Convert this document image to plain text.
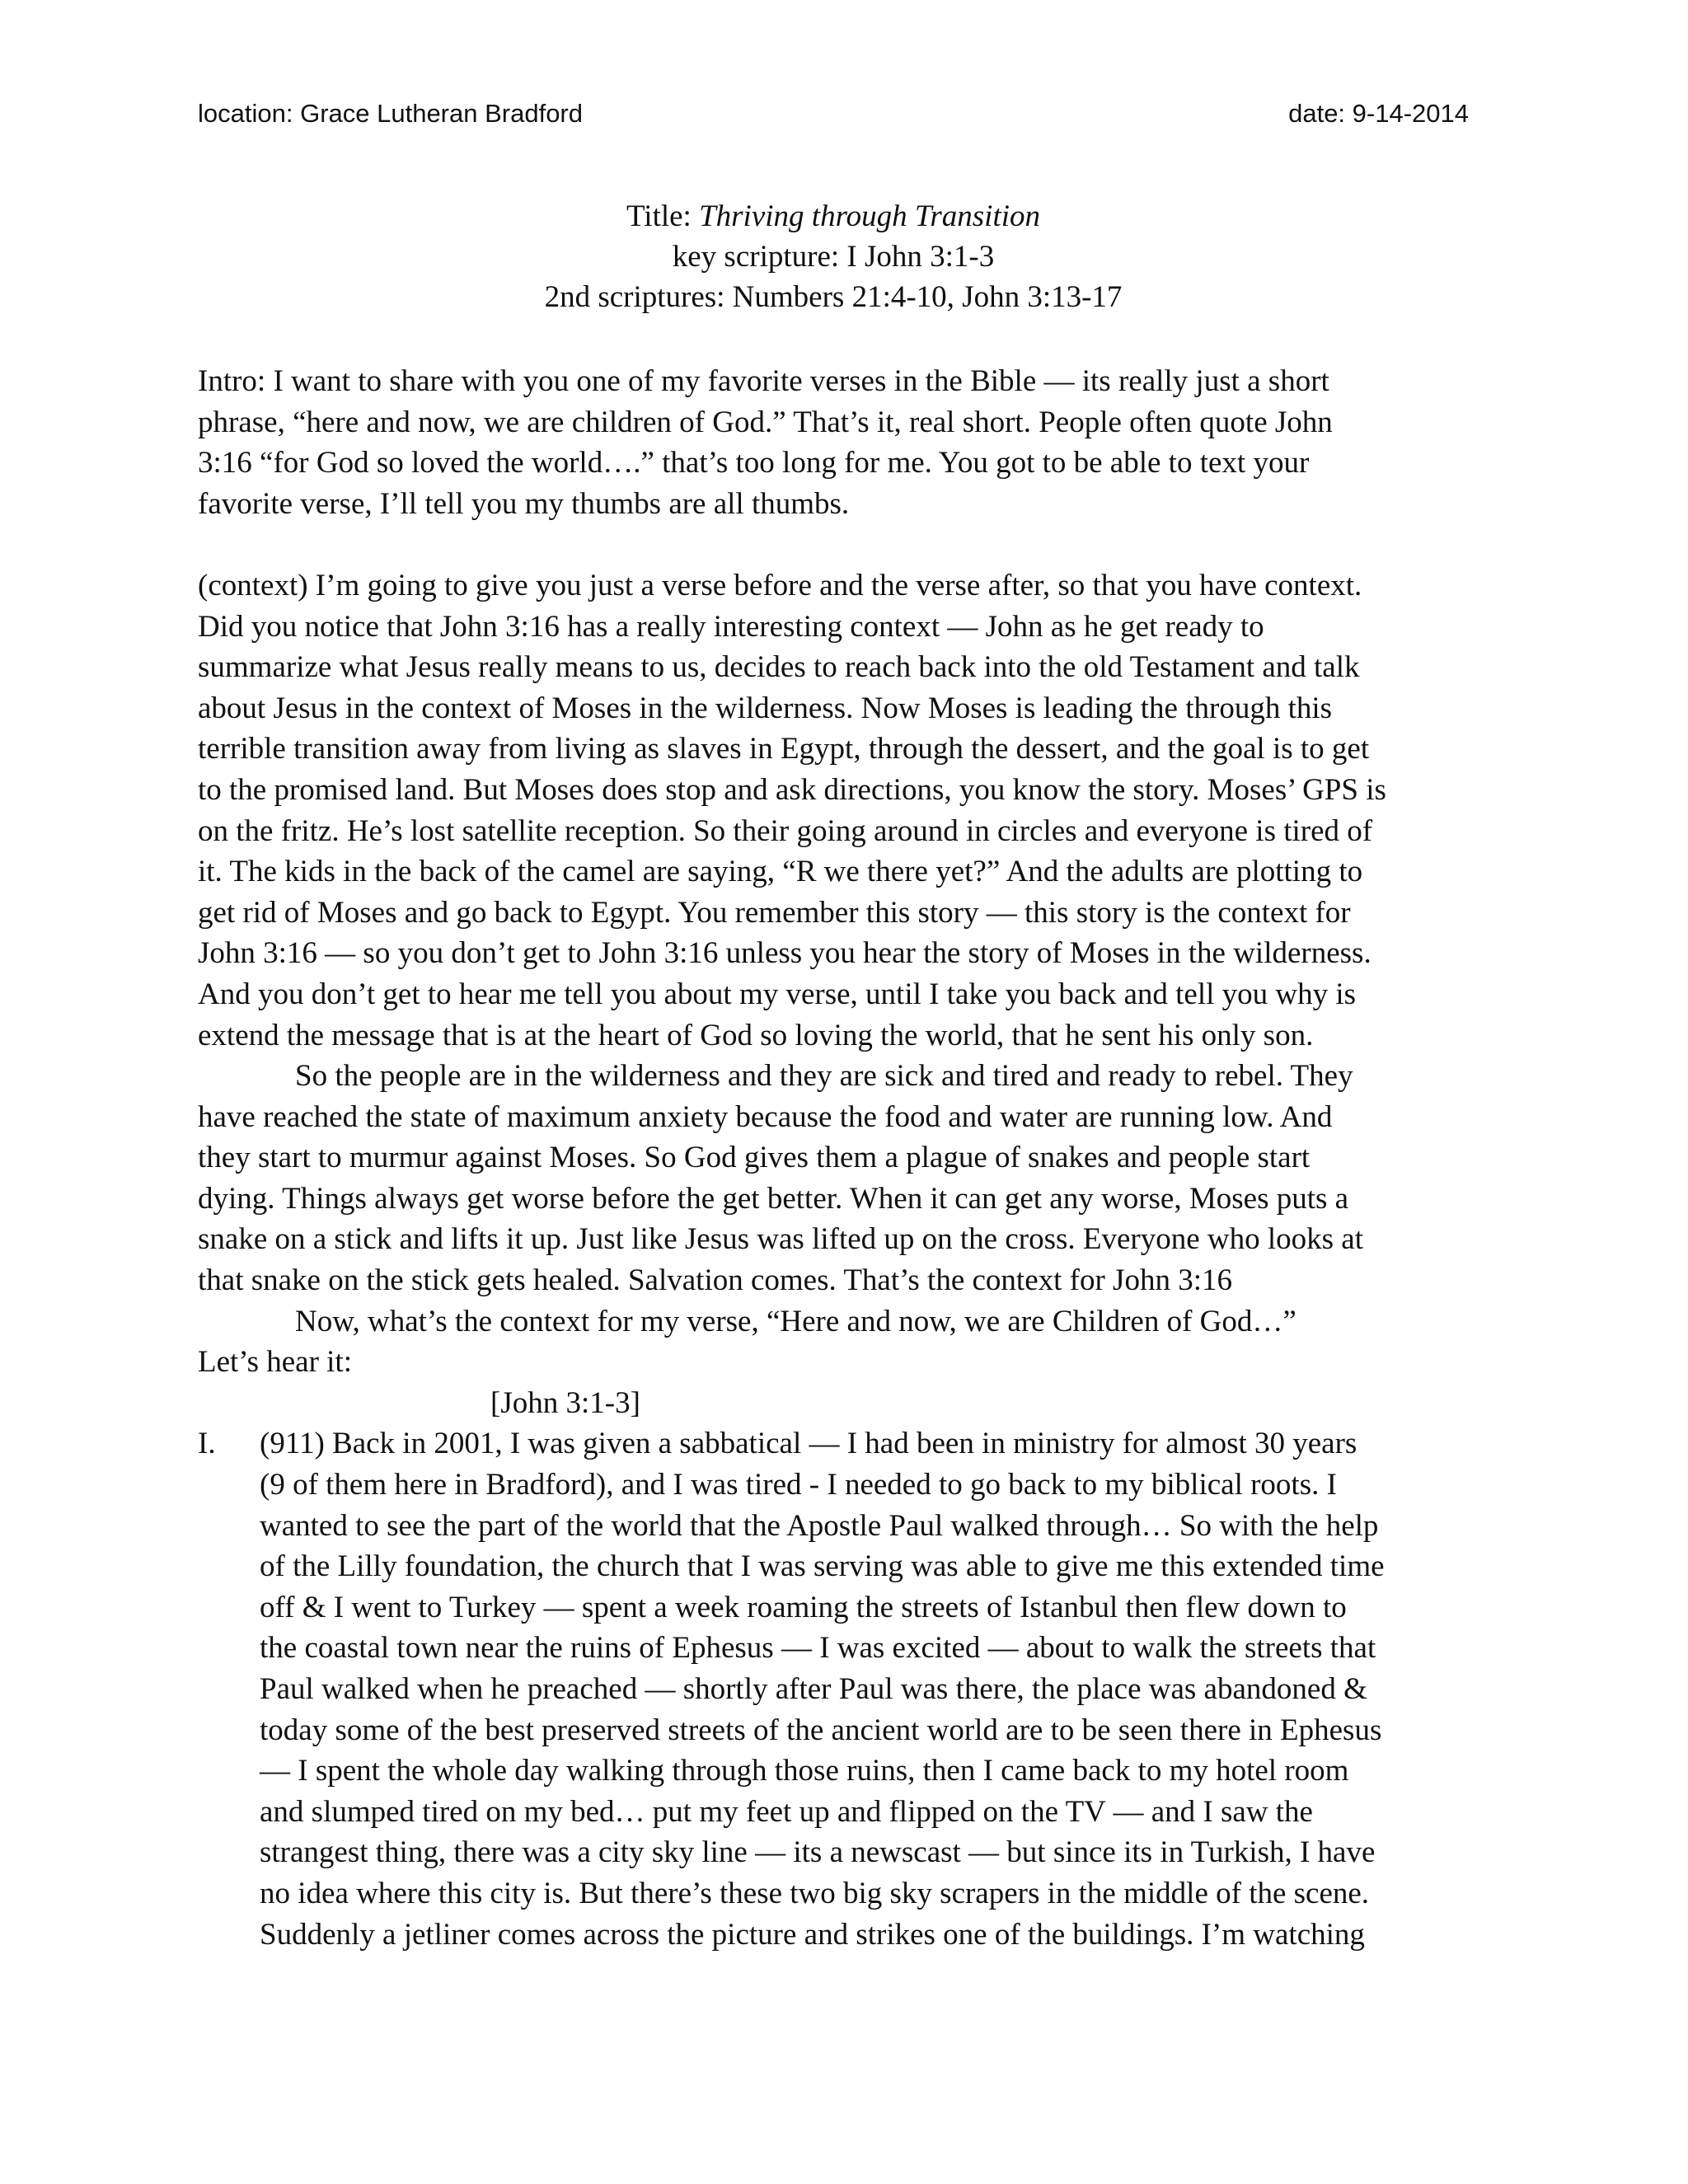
location: Grace Lutheran Bradford	date: 9-14-2014
Title: Thriving through Transition
key scripture: I John 3:1-3
2nd scriptures: Numbers 21:4-10, John 3:13-17

Intro: I want to share with you one of my favorite verses in the Bible — its really just a short

phrase, “here and now, we are children of God.” That’s it, real short. People often quote John

3:16 “for God so loved the world….” that’s too long for me. You got to be able to text your

favorite verse, I’ll tell you my thumbs are all thumbs.

(context) I’m going to give you just a verse before and the verse after, so that you have context.

Did you notice that John 3:16 has a really interesting context — John as he get ready to

summarize what Jesus really means to us, decides to reach back into the old Testament and talk

about Jesus in the context of Moses in the wilderness. Now Moses is leading the through this

terrible transition away from living as slaves in Egypt, through the dessert, and the goal is to get

to the promised land. But Moses does stop and ask directions, you know the story. Moses’ GPS is

on the fritz. He’s lost satellite reception. So their going around in circles and everyone is tired of

it. The kids in the back of the camel are saying, “R we there yet?” And the adults are plotting to

get rid of Moses and go back to Egypt. You remember this story — this story is the context for

John 3:16 — so you don’t get to John 3:16 unless you hear the story of Moses in the wilderness.

And you don’t get to hear me tell you about my verse, until I take you back and tell you why is

extend the message that is at the heart of God so loving the world, that he sent his only son.

So the people are in the wilderness and they are sick and tired and ready to rebel. They

have reached the state of maximum anxiety because the food and water are running low. And

they start to murmur against Moses. So God gives them a plague of snakes and people start

dying. Things always get worse before the get better. When it can get any worse, Moses puts a

snake on a stick and lifts it up. Just like Jesus was lifted up on the cross. Everyone who looks at

that snake on the stick gets healed. Salvation comes. That’s the context for John 3:16

Now, what’s the context for my verse, “Here and now, we are Children of God…”

Let’s hear it:

[John 3:1-3]

I. (911) Back in 2001, I was given a sabbatical — I had been in ministry for almost 30 years

(9 of them here in Bradford), and I was tired - I needed to go back to my biblical roots. I

wanted to see the part of the world that the Apostle Paul walked through… So with the help

of the Lilly foundation, the church that I was serving was able to give me this extended time

off & I went to Turkey — spent a week roaming the streets of Istanbul then flew down to

the coastal town near the ruins of Ephesus — I was excited — about to walk the streets that

Paul walked when he preached — shortly after Paul was there, the place was abandoned &

today some of the best preserved streets of the ancient world are to be seen there in Ephesus

— I spent the whole day walking through those ruins, then I came back to my hotel room

and slumped tired on my bed… put my feet up and flipped on the TV — and I saw the

strangest thing, there was a city sky line — its a newscast — but since its in Turkish, I have

no idea where this city is. But there’s these two big sky scrapers in the middle of the scene.

Suddenly a jetliner comes across the picture and strikes one of the buildings. I’m watching
